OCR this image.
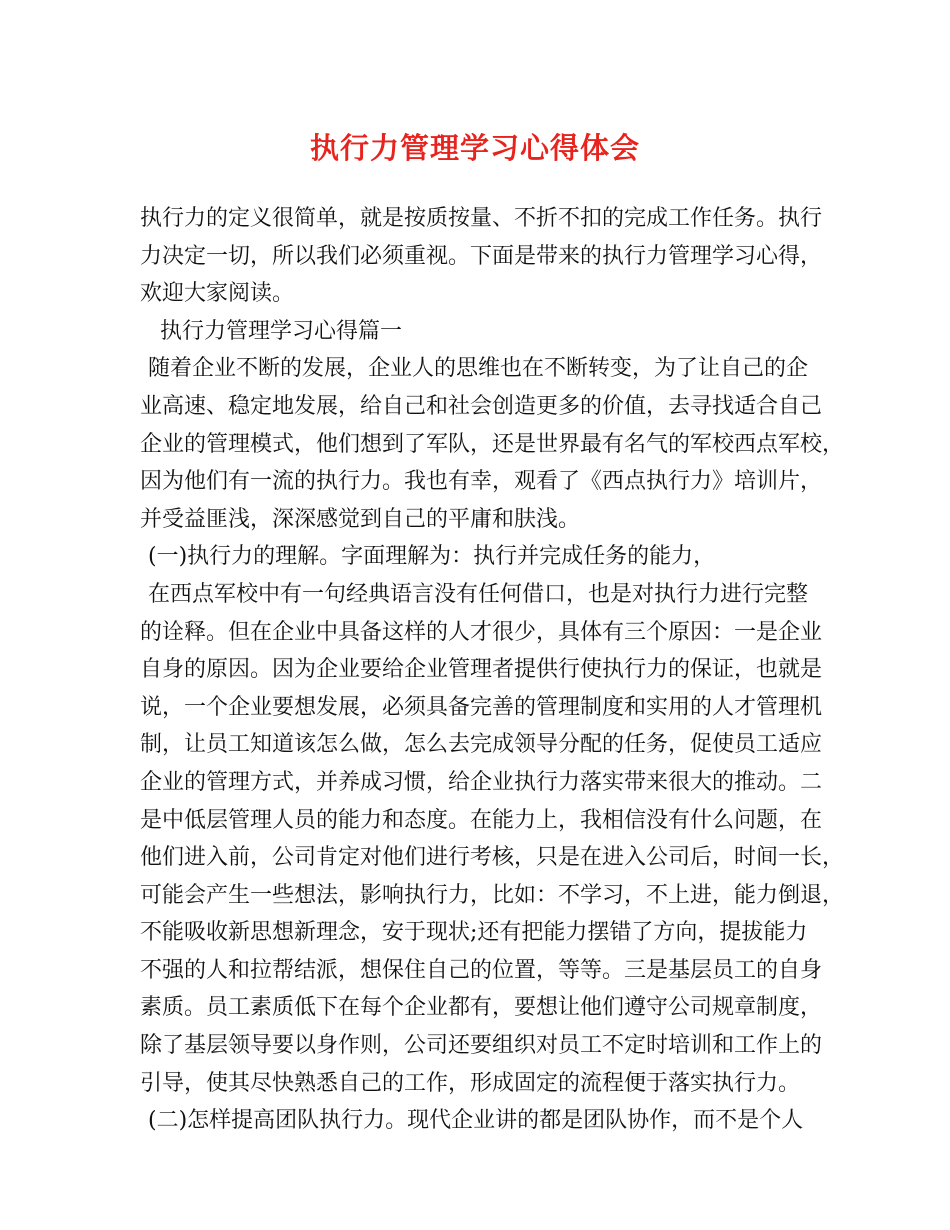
执行力管理学习心得体会
执行力的定义很简单，就是按质按量、不折不扣的完成工作任务。执行
力决定一切，所以我们必须重视。下面是带来的执行力管理学习心得，
欢迎大家阅读。
执行力管理学习心得篇一
随着企业不断的发展，企业人的思维也在不断转变，为了让自己的企
业高速、稳定地发展，给自己和社会创造更多的价值，去寻找适合自己
企业的管理模式，他们想到了军队，还是世界最有名气的军校西点军校，
因为他们有一流的执行力。我也有幸，观看了《西点执行力》培训片，
并受益匪浅，深深感觉到自己的平庸和肤浅。
(一)执行力的理解。字面理解为：执行并完成任务的能力，
在西点军校中有一句经典语言没有任何借口，也是对执行力进行完整
的诠释。但在企业中具备这样的人才很少，具体有三个原因：一是企业
自身的原因。因为企业要给企业管理者提供行使执行力的保证，也就是
说，一个企业要想发展，必须具备完善的管理制度和实用的人才管理机
制，让员工知道该怎么做，怎么去完成领导分配的任务，促使员工适应
企业的管理方式，并养成习惯，给企业执行力落实带来很大的推动。二
是中低层管理人员的能力和态度。在能力上，我相信没有什么问题，在
他们进入前，公司肯定对他们进行考核，只是在进入公司后，时间一长，
可能会产生一些想法，影响执行力，比如：不学习，不上进，能力倒退，
不能吸收新思想新理念，安于现状;还有把能力摆错了方向，提拔能力
不强的人和拉帮结派，想保住自己的位置，等等。三是基层员工的自身
素质。员工素质低下在每个企业都有，要想让他们遵守公司规章制度，
除了基层领导要以身作则，公司还要组织对员工不定时培训和工作上的
引导，使其尽快熟悉自己的工作，形成固定的流程便于落实执行力。
(二)怎样提高团队执行力。现代企业讲的都是团队协作，而不是个人
